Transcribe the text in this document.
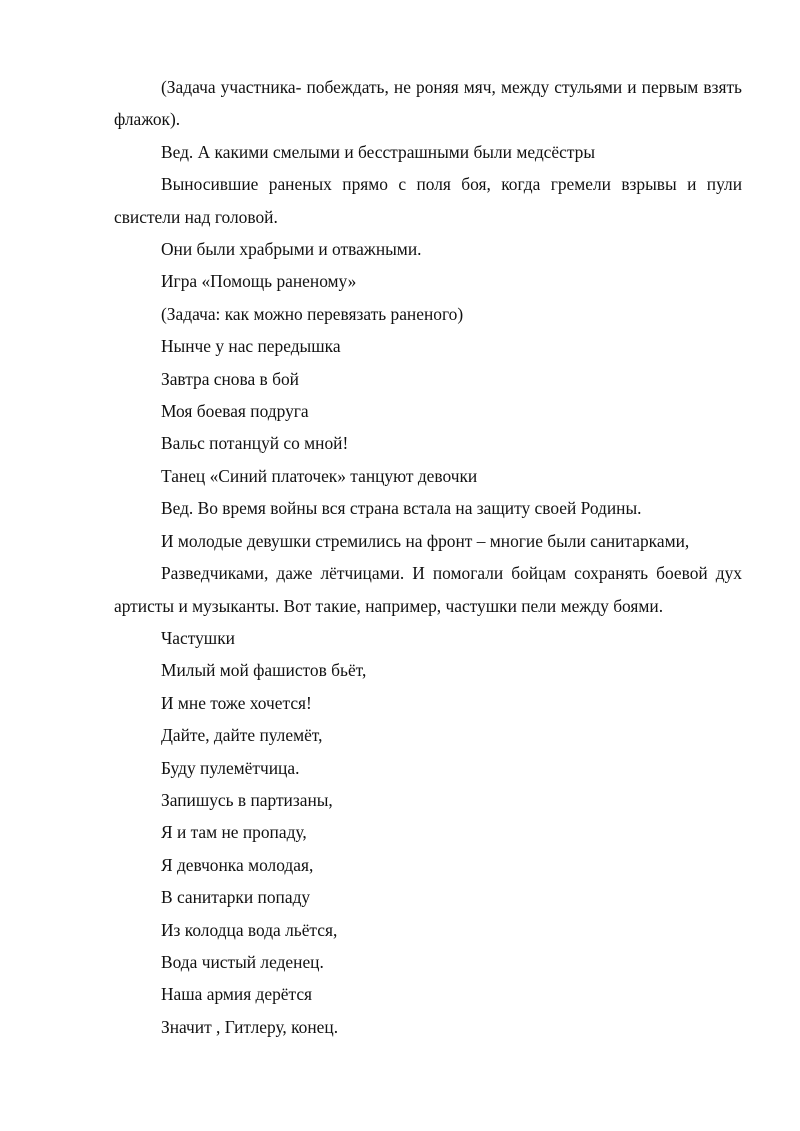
(Задача участника- побеждать, не роняя мяч, между стульями и первым взять флажок).

Вед. А какими смелыми и бесстрашными были медсёстры

Выносившие раненых прямо с поля боя, когда гремели взрывы и пули свистели над головой.

Они были храбрыми и отважными.

Игра «Помощь раненому»

(Задача: как можно перевязать раненого)

Нынче у нас передышка

Завтра снова в бой

Моя боевая подруга

Вальс потанцуй со мной!

Танец «Синий платочек» танцуют девочки

Вед. Во время войны вся страна встала на защиту своей Родины.

И молодые девушки стремились на фронт – многие были санитарками,

Разведчиками, даже лётчицами. И помогали бойцам сохранять боевой дух артисты и музыканты. Вот такие, например, частушки пели между боями.

Частушки

Милый мой фашистов бьёт,

И мне тоже хочется!

Дайте, дайте пулемёт,

Буду пулемётчица.

Запишусь в партизаны,

Я и там не пропаду,

Я девчонка молодая,

В санитарки попаду

Из колодца вода льётся,

Вода чистый леденец.

Наша армия дерётся

Значит , Гитлеру, конец.
